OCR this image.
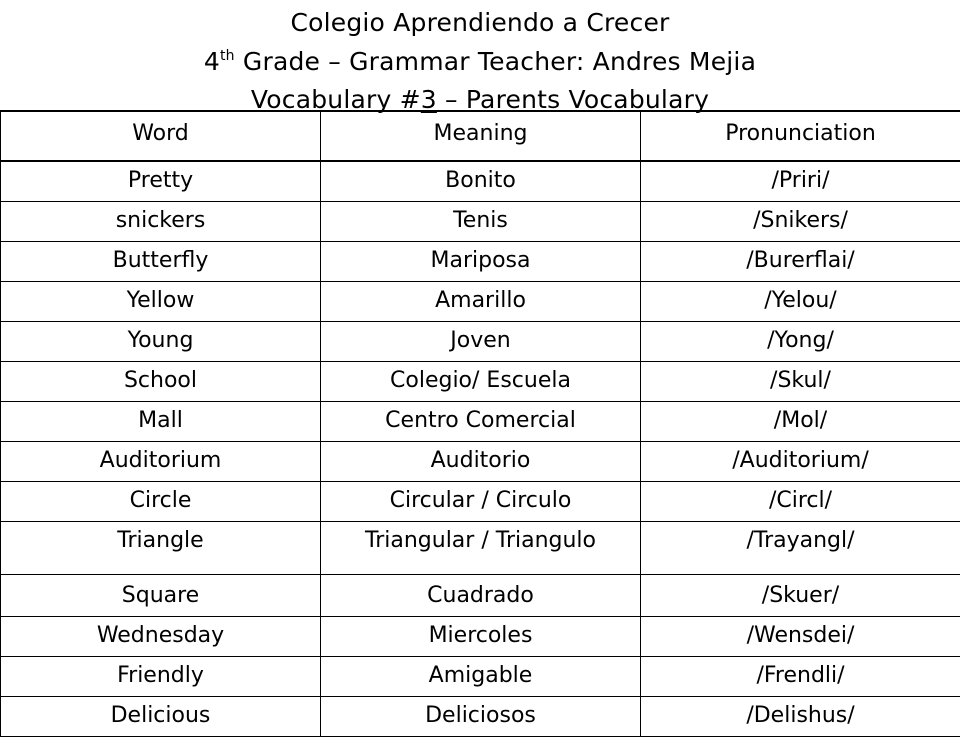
Colegio Aprendiendo a Crecer
4th Grade – Grammar Teacher: Andres Mejia
Vocabulary #3 – Parents Vocabulary
Word	Meaning	Pronunciation
Pretty	Bonito	/Priri/
snickers	Tenis	/Snikers/
Butterfly	Mariposa	/Burerflai/
Yellow	Amarillo	/Yelou/
Young	Joven	/Yong/
School	Colegio/ Escuela	/Skul/
Mall	Centro Comercial	/Mol/
Auditorium	Auditorio	/Auditorium/
Circle	Circular / Circulo	/Circl/
Triangle	Triangular / Triangulo	/Trayangl/
Square	Cuadrado	/Skuer/
Wednesday	Miercoles	/Wensdei/
Friendly	Amigable	/Frendli/
Delicious	Deliciosos	/Delishus/
